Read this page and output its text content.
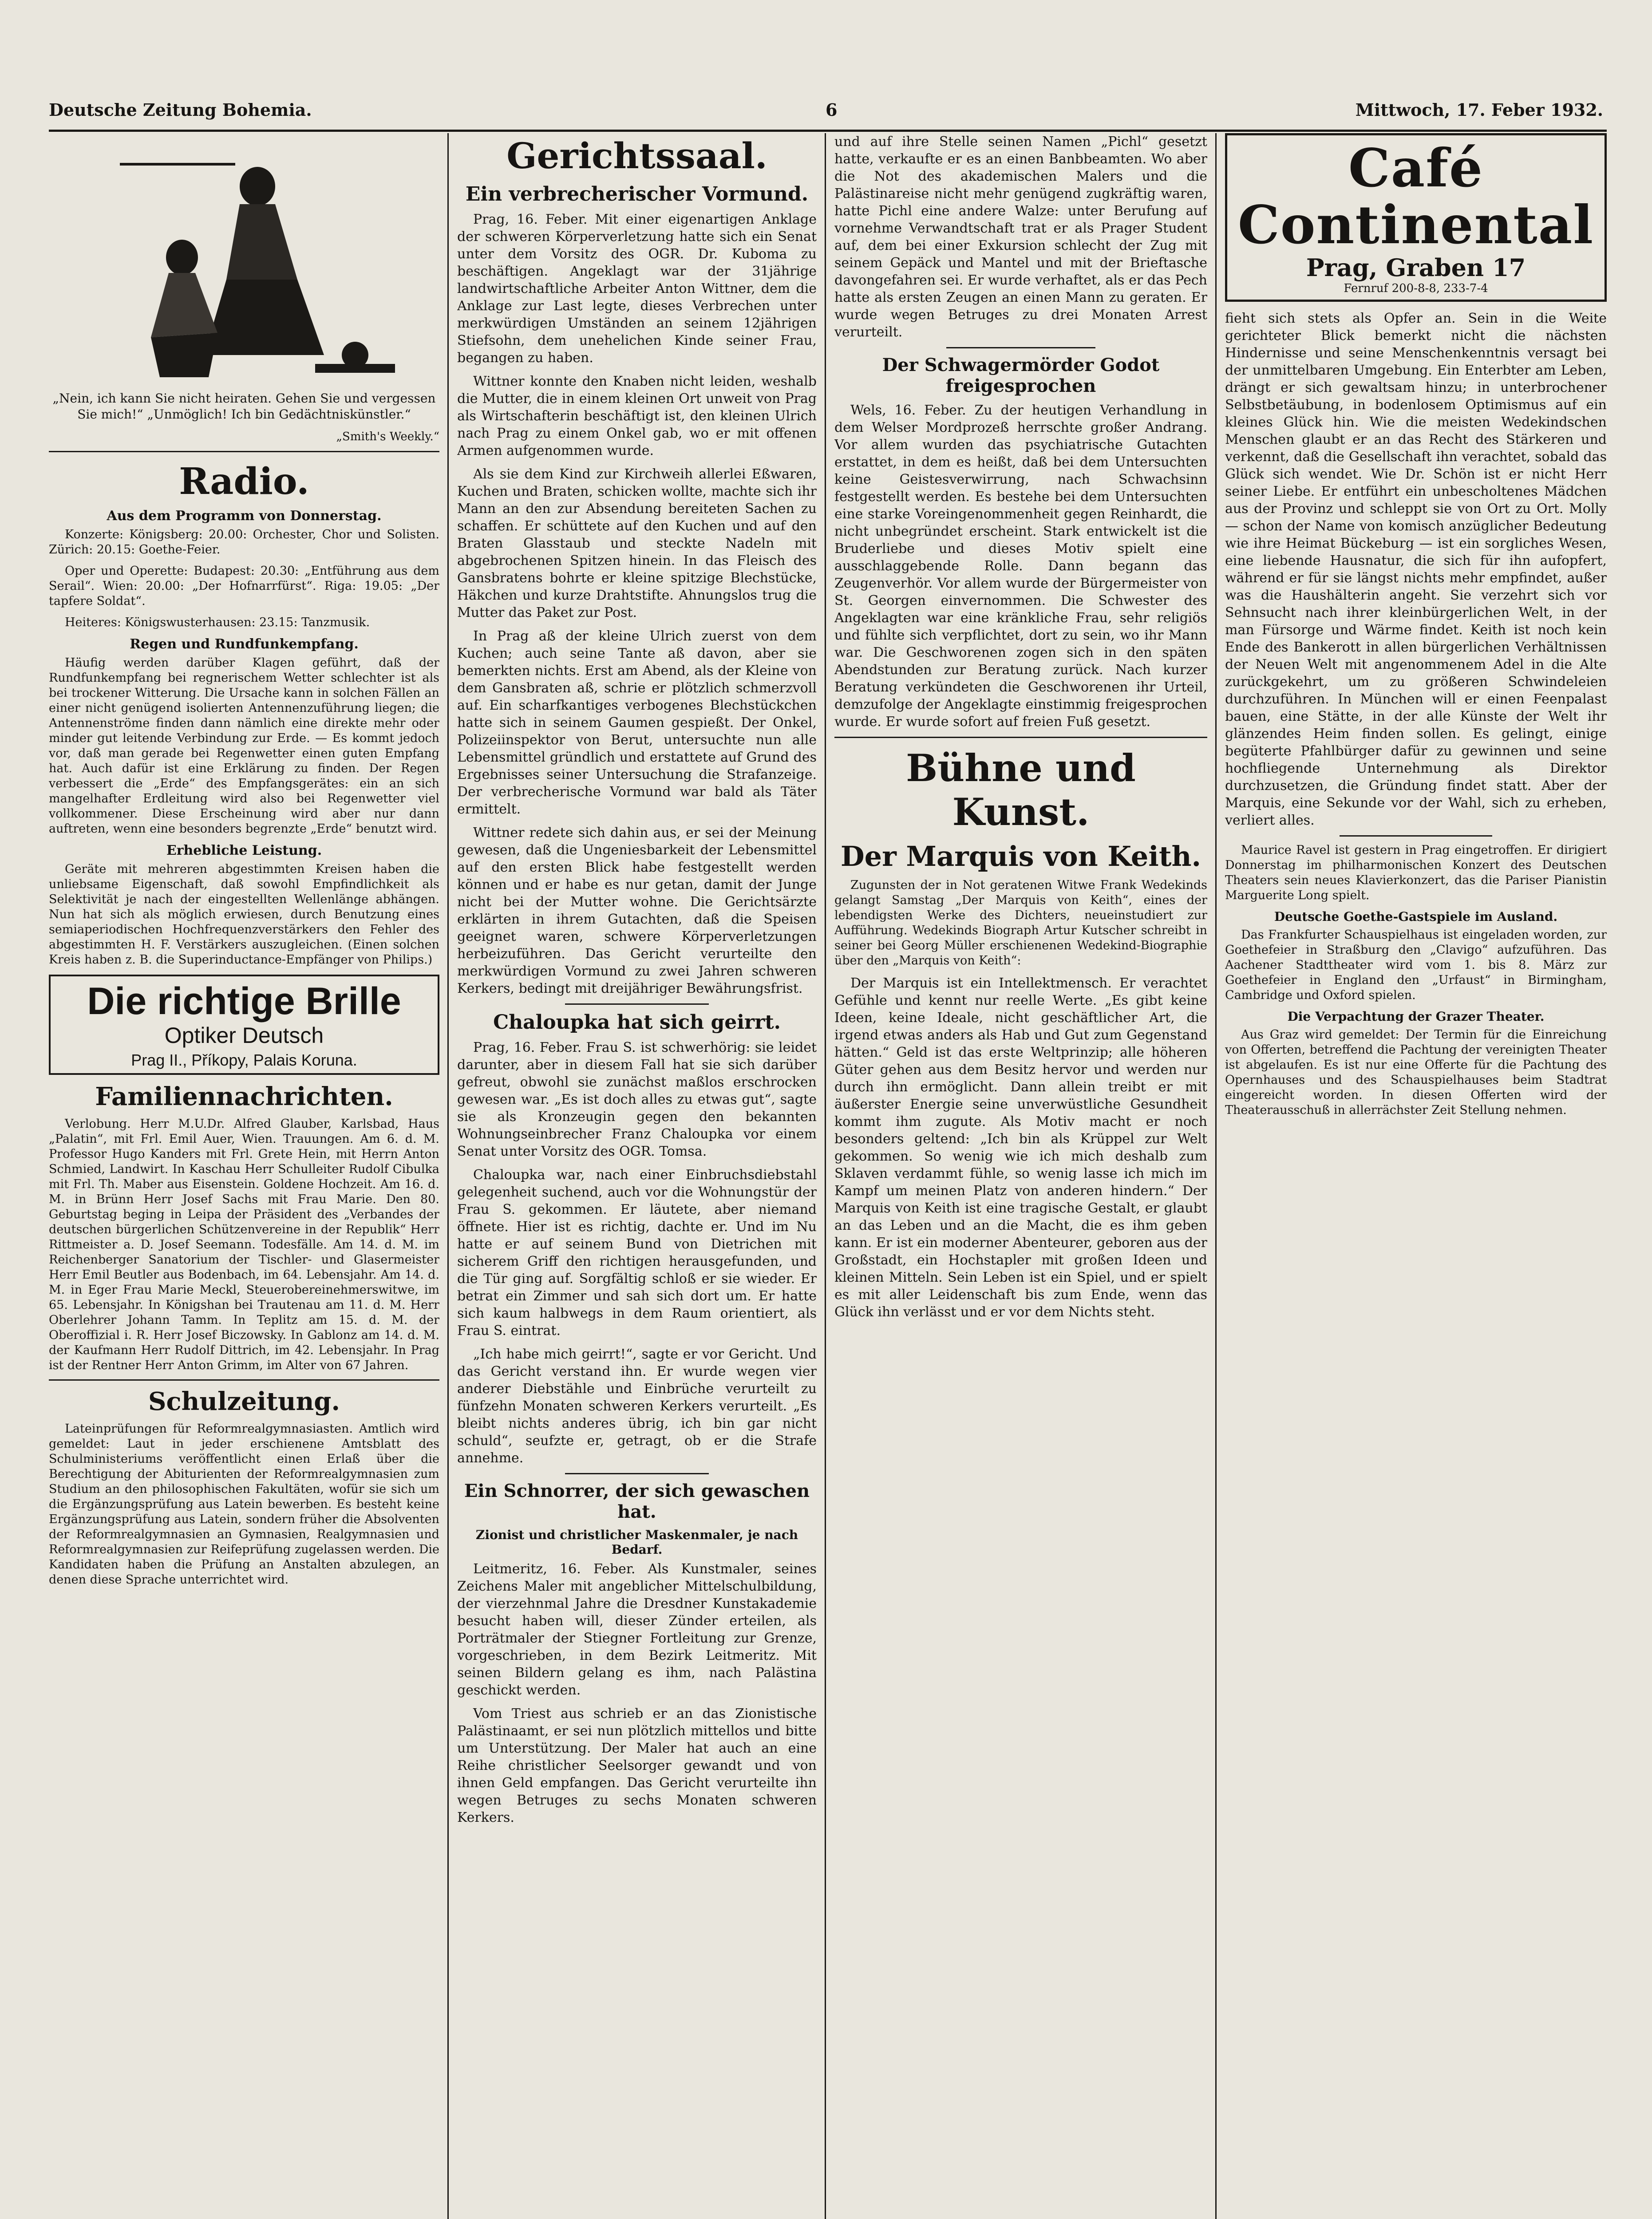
Deutsche Zeitung Bohemia.	6	Mittwoch, 17. Feber 1932.
„Nein, ich kann Sie nicht heiraten. Gehen Sie und vergessen Sie mich!“ „Unmöglich! Ich bin Gedächtniskünstler.“
„Smith's Weekly.“
Radio.
Aus dem Programm von Donnerstag.

Konzerte: Königsberg: 20.00: Orchester, Chor und Solisten. Zürich: 20.15: Goethe-Feier.

Oper und Operette: Budapest: 20.30: „Entführung aus dem Serail“. Wien: 20.00: „Der Hofnarrfürst“. Riga: 19.05: „Der tapfere Soldat“.

Heiteres: Königswusterhausen: 23.15: Tanzmusik.

Regen und Rundfunkempfang.

Häufig werden darüber Klagen geführt, daß der Rundfunkempfang bei regnerischem Wetter schlechter ist als bei trockener Witterung. Die Ursache kann in solchen Fällen an einer nicht genügend isolierten Antennenzuführung liegen; die Antennenströme finden dann nämlich eine direkte mehr oder minder gut leitende Verbindung zur Erde. — Es kommt jedoch vor, daß man gerade bei Regenwetter einen guten Empfang hat. Auch dafür ist eine Erklärung zu finden. Der Regen verbessert die „Erde“ des Empfangsgerätes: ein an sich mangelhafter Erdleitung wird also bei Regenwetter viel vollkommener. Diese Erscheinung wird aber nur dann auftreten, wenn eine besonders begrenzte „Erde“ benutzt wird.

Erhebliche Leistung.

Geräte mit mehreren abgestimmten Kreisen haben die unliebsame Eigenschaft, daß sowohl Empfindlichkeit als Selektivität je nach der eingestellten Wellenlänge abhängen. Nun hat sich als möglich erwiesen, durch Benutzung eines semiaperiodischen Hochfrequenzverstärkers den Fehler des abgestimmten H. F. Verstärkers auszugleichen. (Einen solchen Kreis haben z. B. die Superinductance-Empfänger von Philips.)

Die richtige Brille
Optiker Deutsch
Prag II., Příkopy, Palais Koruna.
Familiennachrichten.

Verlobung. Herr M.U.Dr. Alfred Glauber, Karlsbad, Haus „Palatin“, mit Frl. Emil Auer, Wien. Trauungen. Am 6. d. M. Professor Hugo Kanders mit Frl. Grete Hein, mit Herrn Anton Schmied, Landwirt. In Kaschau Herr Schulleiter Rudolf Cibulka mit Frl. Th. Maber aus Eisenstein. Goldene Hochzeit. Am 16. d. M. in Brünn Herr Josef Sachs mit Frau Marie. Den 80. Geburtstag beging in Leipa der Präsident des „Verbandes der deutschen bürgerlichen Schützenvereine in der Republik“ Herr Rittmeister a. D. Josef Seemann. Todesfälle. Am 14. d. M. im Reichenberger Sanatorium der Tischler- und Glasermeister Herr Emil Beutler aus Bodenbach, im 64. Lebensjahr. Am 14. d. M. in Eger Frau Marie Meckl, Steuerobereinehmerswitwe, im 65. Lebensjahr. In Königshan bei Trautenau am 11. d. M. Herr Oberlehrer Johann Tamm. In Teplitz am 15. d. M. der Oberoffizial i. R. Herr Josef Biczowsky. In Gablonz am 14. d. M. der Kaufmann Herr Rudolf Dittrich, im 42. Lebensjahr. In Prag ist der Rentner Herr Anton Grimm, im Alter von 67 Jahren.

Schulzeitung.

Lateinprüfungen für Reformrealgymnasiasten. Amtlich wird gemeldet: Laut in jeder erschienene Amtsblatt des Schulministeriums veröffentlicht einen Erlaß über die Berechtigung der Abiturienten der Reformrealgymnasien zum Studium an den philosophischen Fakultäten, wofür sie sich um die Ergänzungsprüfung aus Latein bewerben. Es besteht keine Ergänzungsprüfung aus Latein, sondern früher die Absolventen der Reformrealgymnasien an Gymnasien, Realgymnasien und Reformrealgymnasien zur Reifeprüfung zugelassen werden. Die Kandidaten haben die Prüfung an Anstalten abzulegen, an denen diese Sprache unterrichtet wird.

Gerichtssaal.
Ein verbrecherischer Vormund.

Prag, 16. Feber. Mit einer eigenartigen Anklage der schweren Körperverletzung hatte sich ein Senat unter dem Vorsitz des OGR. Dr. Kuboma zu beschäftigen. Angeklagt war der 31jährige landwirtschaftliche Arbeiter Anton Wittner, dem die Anklage zur Last legte, dieses Verbrechen unter merkwürdigen Umständen an seinem 12jährigen Stiefsohn, dem unehelichen Kinde seiner Frau, begangen zu haben.

Wittner konnte den Knaben nicht leiden, weshalb die Mutter, die in einem kleinen Ort unweit von Prag als Wirtschafterin beschäftigt ist, den kleinen Ulrich nach Prag zu einem Onkel gab, wo er mit offenen Armen aufgenommen wurde.

Als sie dem Kind zur Kirchweih allerlei Eßwaren, Kuchen und Braten, schicken wollte, machte sich ihr Mann an den zur Absendung bereiteten Sachen zu schaffen. Er schüttete auf den Kuchen und auf den Braten Glasstaub und steckte Nadeln mit abgebrochenen Spitzen hinein. In das Fleisch des Gansbratens bohrte er kleine spitzige Blechstücke, Häkchen und kurze Drahtstifte. Ahnungslos trug die Mutter das Paket zur Post.

In Prag aß der kleine Ulrich zuerst von dem Kuchen; auch seine Tante aß davon, aber sie bemerkten nichts. Erst am Abend, als der Kleine von dem Gansbraten aß, schrie er plötzlich schmerzvoll auf. Ein scharfkantiges verbogenes Blechstückchen hatte sich in seinem Gaumen gespießt. Der Onkel, Polizeiinspektor von Berut, untersuchte nun alle Lebensmittel gründlich und erstattete auf Grund des Ergebnisses seiner Untersuchung die Strafanzeige. Der verbrecherische Vormund war bald als Täter ermittelt.

Wittner redete sich dahin aus, er sei der Meinung gewesen, daß die Ungeniesbarkeit der Lebensmittel auf den ersten Blick habe festgestellt werden können und er habe es nur getan, damit der Junge nicht bei der Mutter wohne. Die Gerichtsärzte erklärten in ihrem Gutachten, daß die Speisen geeignet waren, schwere Körperverletzungen herbeizuführen. Das Gericht verurteilte den merkwürdigen Vormund zu zwei Jahren schweren Kerkers, bedingt mit dreijähriger Bewährungsfrist.

Chaloupka hat sich geirrt.

Prag, 16. Feber. Frau S. ist schwerhörig: sie leidet darunter, aber in diesem Fall hat sie sich darüber gefreut, obwohl sie zunächst maßlos erschrocken gewesen war. „Es ist doch alles zu etwas gut“, sagte sie als Kronzeugin gegen den bekannten Wohnungseinbrecher Franz Chaloupka vor einem Senat unter Vorsitz des OGR. Tomsa.

Chaloupka war, nach einer Einbruchsdiebstahl gelegenheit suchend, auch vor die Wohnungstür der Frau S. gekommen. Er läutete, aber niemand öffnete. Hier ist es richtig, dachte er. Und im Nu hatte er auf seinem Bund von Dietrichen mit sicherem Griff den richtigen herausgefunden, und die Tür ging auf. Sorgfältig schloß er sie wieder. Er betrat ein Zimmer und sah sich dort um. Er hatte sich kaum halbwegs in dem Raum orientiert, als Frau S. eintrat.

„Ich habe mich geirrt!“, sagte er vor Gericht. Und das Gericht verstand ihn. Er wurde wegen vier anderer Diebstähle und Einbrüche verurteilt zu fünfzehn Monaten schweren Kerkers verurteilt. „Es bleibt nichts anderes übrig, ich bin gar nicht schuld“, seufzte er, getragt, ob er die Strafe annehme.

Ein Schnorrer, der sich gewaschen hat.
Zionist und christlicher Maskenmaler, je nach Bedarf.

Leitmeritz, 16. Feber. Als Kunstmaler, seines Zeichens Maler mit angeblicher Mittelschulbildung, der vierzehnmal Jahre die Dresdner Kunstakademie besucht haben will, dieser Zünder erteilen, als Porträtmaler der Stiegner Fortleitung zur Grenze, vorgeschrieben, in dem Bezirk Leitmeritz. Mit seinen Bildern gelang es ihm, nach Palästina geschickt werden.

Vom Triest aus schrieb er an das Zionistische Palästinaamt, er sei nun plötzlich mittellos und bitte um Unterstützung. Der Maler hat auch an eine Reihe christlicher Seelsorger gewandt und von ihnen Geld empfangen. Das Gericht verurteilte ihn wegen Betruges zu sechs Monaten schweren Kerkers.

und auf ihre Stelle seinen Namen „Pichl“ gesetzt hatte, verkaufte er es an einen Banbbeamten. Wo aber die Not des akademischen Malers und die Palästinareise nicht mehr genügend zugkräftig waren, hatte Pichl eine andere Walze: unter Berufung auf vornehme Verwandtschaft trat er als Prager Student auf, dem bei einer Exkursion schlecht der Zug mit seinem Gepäck und Mantel und mit der Brieftasche davongefahren sei. Er wurde verhaftet, als er das Pech hatte als ersten Zeugen an einen Mann zu geraten. Er wurde wegen Betruges zu drei Monaten Arrest verurteilt.

Der Schwagermörder Godot freigesprochen

Wels, 16. Feber. Zu der heutigen Verhandlung in dem Welser Mordprozeß herrschte großer Andrang. Vor allem wurden das psychiatrische Gutachten erstattet, in dem es heißt, daß bei dem Untersuchten keine Geistesverwirrung, nach Schwachsinn festgestellt werden. Es bestehe bei dem Untersuchten eine starke Voreingenommenheit gegen Reinhardt, die nicht unbegründet erscheint. Stark entwickelt ist die Bruderliebe und dieses Motiv spielt eine ausschlaggebende Rolle. Dann begann das Zeugenverhör. Vor allem wurde der Bürgermeister von St. Georgen einvernommen. Die Schwester des Angeklagten war eine kränkliche Frau, sehr religiös und fühlte sich verpflichtet, dort zu sein, wo ihr Mann war. Die Geschworenen zogen sich in den späten Abendstunden zur Beratung zurück. Nach kurzer Beratung verkündeten die Geschworenen ihr Urteil, demzufolge der Angeklagte einstimmig freigesprochen wurde. Er wurde sofort auf freien Fuß gesetzt.

Bühne und Kunst.
Der Marquis von Keith.

Zugunsten der in Not geratenen Witwe Frank Wedekinds gelangt Samstag „Der Marquis von Keith“, eines der lebendigsten Werke des Dichters, neueinstudiert zur Aufführung. Wedekinds Biograph Artur Kutscher schreibt in seiner bei Georg Müller erschienenen Wedekind-Biographie über den „Marquis von Keith“:

Der Marquis ist ein Intellektmensch. Er verachtet Gefühle und kennt nur reelle Werte. „Es gibt keine Ideen, keine Ideale, nicht geschäftlicher Art, die irgend etwas anders als Hab und Gut zum Gegenstand hätten.“ Geld ist das erste Weltprinzip; alle höheren Güter gehen aus dem Besitz hervor und werden nur durch ihn ermöglicht. Dann allein treibt er mit äußerster Energie seine unverwüstliche Gesundheit kommt ihm zugute. Als Motiv macht er noch besonders geltend: „Ich bin als Krüppel zur Welt gekommen. So wenig wie ich mich deshalb zum Sklaven verdammt fühle, so wenig lasse ich mich im Kampf um meinen Platz von anderen hindern.“ Der Marquis von Keith ist eine tragische Gestalt, er glaubt an das Leben und an die Macht, die es ihm geben kann. Er ist ein moderner Abenteurer, geboren aus der Großstadt, ein Hochstapler mit großen Ideen und kleinen Mitteln. Sein Leben ist ein Spiel, und er spielt es mit aller Leidenschaft bis zum Ende, wenn das Glück ihn verlässt und er vor dem Nichts steht.

Café Continental
Prag, Graben 17
Fernruf 200-8-8, 233-7-4

fieht sich stets als Opfer an. Sein in die Weite gerichteter Blick bemerkt nicht die nächsten Hindernisse und seine Menschenkenntnis versagt bei der unmittelbaren Umgebung. Ein Enterbter am Leben, drängt er sich gewaltsam hinzu; in unterbrochener Selbstbetäubung, in bodenlosem Optimismus auf ein kleines Glück hin. Wie die meisten Wedekindschen Menschen glaubt er an das Recht des Stärkeren und verkennt, daß die Gesellschaft ihn verachtet, sobald das Glück sich wendet. Wie Dr. Schön ist er nicht Herr seiner Liebe. Er entführt ein unbescholtenes Mädchen aus der Provinz und schleppt sie von Ort zu Ort. Molly — schon der Name von komisch anzüglicher Bedeutung wie ihre Heimat Bückeburg — ist ein sorgliches Wesen, eine liebende Hausnatur, die sich für ihn aufopfert, während er für sie längst nichts mehr empfindet, außer was die Haushälterin angeht. Sie verzehrt sich vor Sehnsucht nach ihrer kleinbürgerlichen Welt, in der man Fürsorge und Wärme findet. Keith ist noch kein Ende des Bankerott in allen bürgerlichen Verhältnissen der Neuen Welt mit angenommenem Adel in die Alte zurückgekehrt, um zu größeren Schwindeleien durchzuführen. In München will er einen Feenpalast bauen, eine Stätte, in der alle Künste der Welt ihr glänzendes Heim finden sollen. Es gelingt, einige begüterte Pfahlbürger dafür zu gewinnen und seine hochfliegende Unternehmung als Direktor durchzusetzen, die Gründung findet statt. Aber der Marquis, eine Sekunde vor der Wahl, sich zu erheben, verliert alles.

Maurice Ravel ist gestern in Prag eingetroffen. Er dirigiert Donnerstag im philharmonischen Konzert des Deutschen Theaters sein neues Klavierkonzert, das die Pariser Pianistin Marguerite Long spielt.

Deutsche Goethe-Gastspiele im Ausland.

Das Frankfurter Schauspielhaus ist eingeladen worden, zur Goethefeier in Straßburg den „Clavigo“ aufzuführen. Das Aachener Stadttheater wird vom 1. bis 8. März zur Goethefeier in England den „Urfaust“ in Birmingham, Cambridge und Oxford spielen.

Die Verpachtung der Grazer Theater.

Aus Graz wird gemeldet: Der Termin für die Einreichung von Offerten, betreffend die Pachtung der vereinigten Theater ist abgelaufen. Es ist nur eine Offerte für die Pachtung des Opernhauses und des Schauspielhauses beim Stadtrat eingereicht worden. In diesen Offerten wird der Theaterausschuß in allerrächster Zeit Stellung nehmen.
